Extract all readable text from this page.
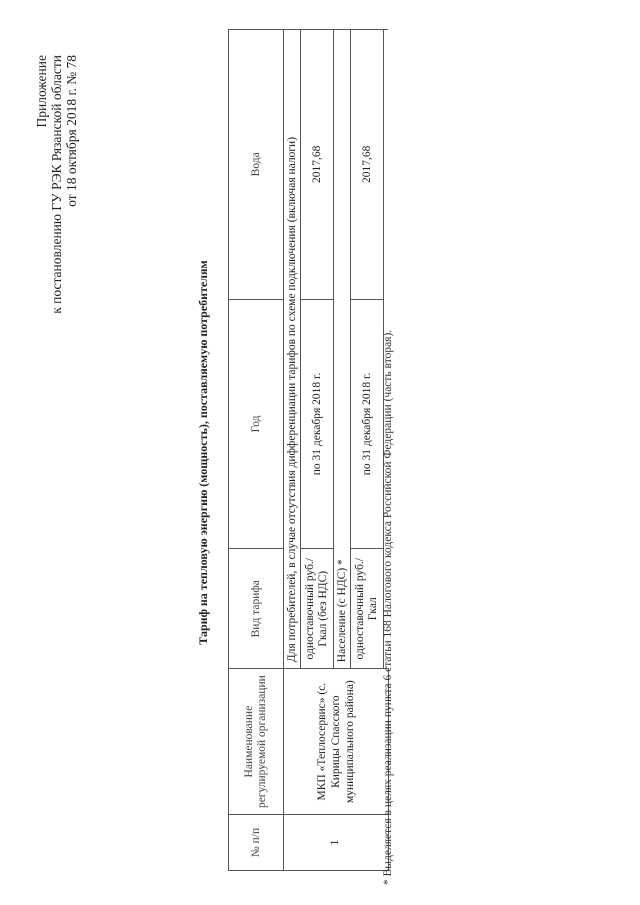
Приложение к постановлению ГУ РЭК Рязанской области от 18 октября 2018 г. № 78
Тариф на тепловую энергию (мощность), поставляемую потребителям
№ п/п	Наименование регулируемой организации	Вид тарифа	Год	Вода
1	МКП «Теплосервис» (с. Кирицы Спасского муниципального района)	Для потребителей, в случае отсутствия дифференциации тарифов по схеме подключения (включая налоги)		
		одноставочный руб./Гкал (без НДС)	по 31 декабря 2018 г.	2017,68
		Население (с НДС) *		
		одноставочный руб./Гкал	по 31 декабря 2018 г.	2017,68

* Выделяется в целях реализации пункта 6 статьи 168 Налогового кодекса Российской Федерации (часть вторая).
